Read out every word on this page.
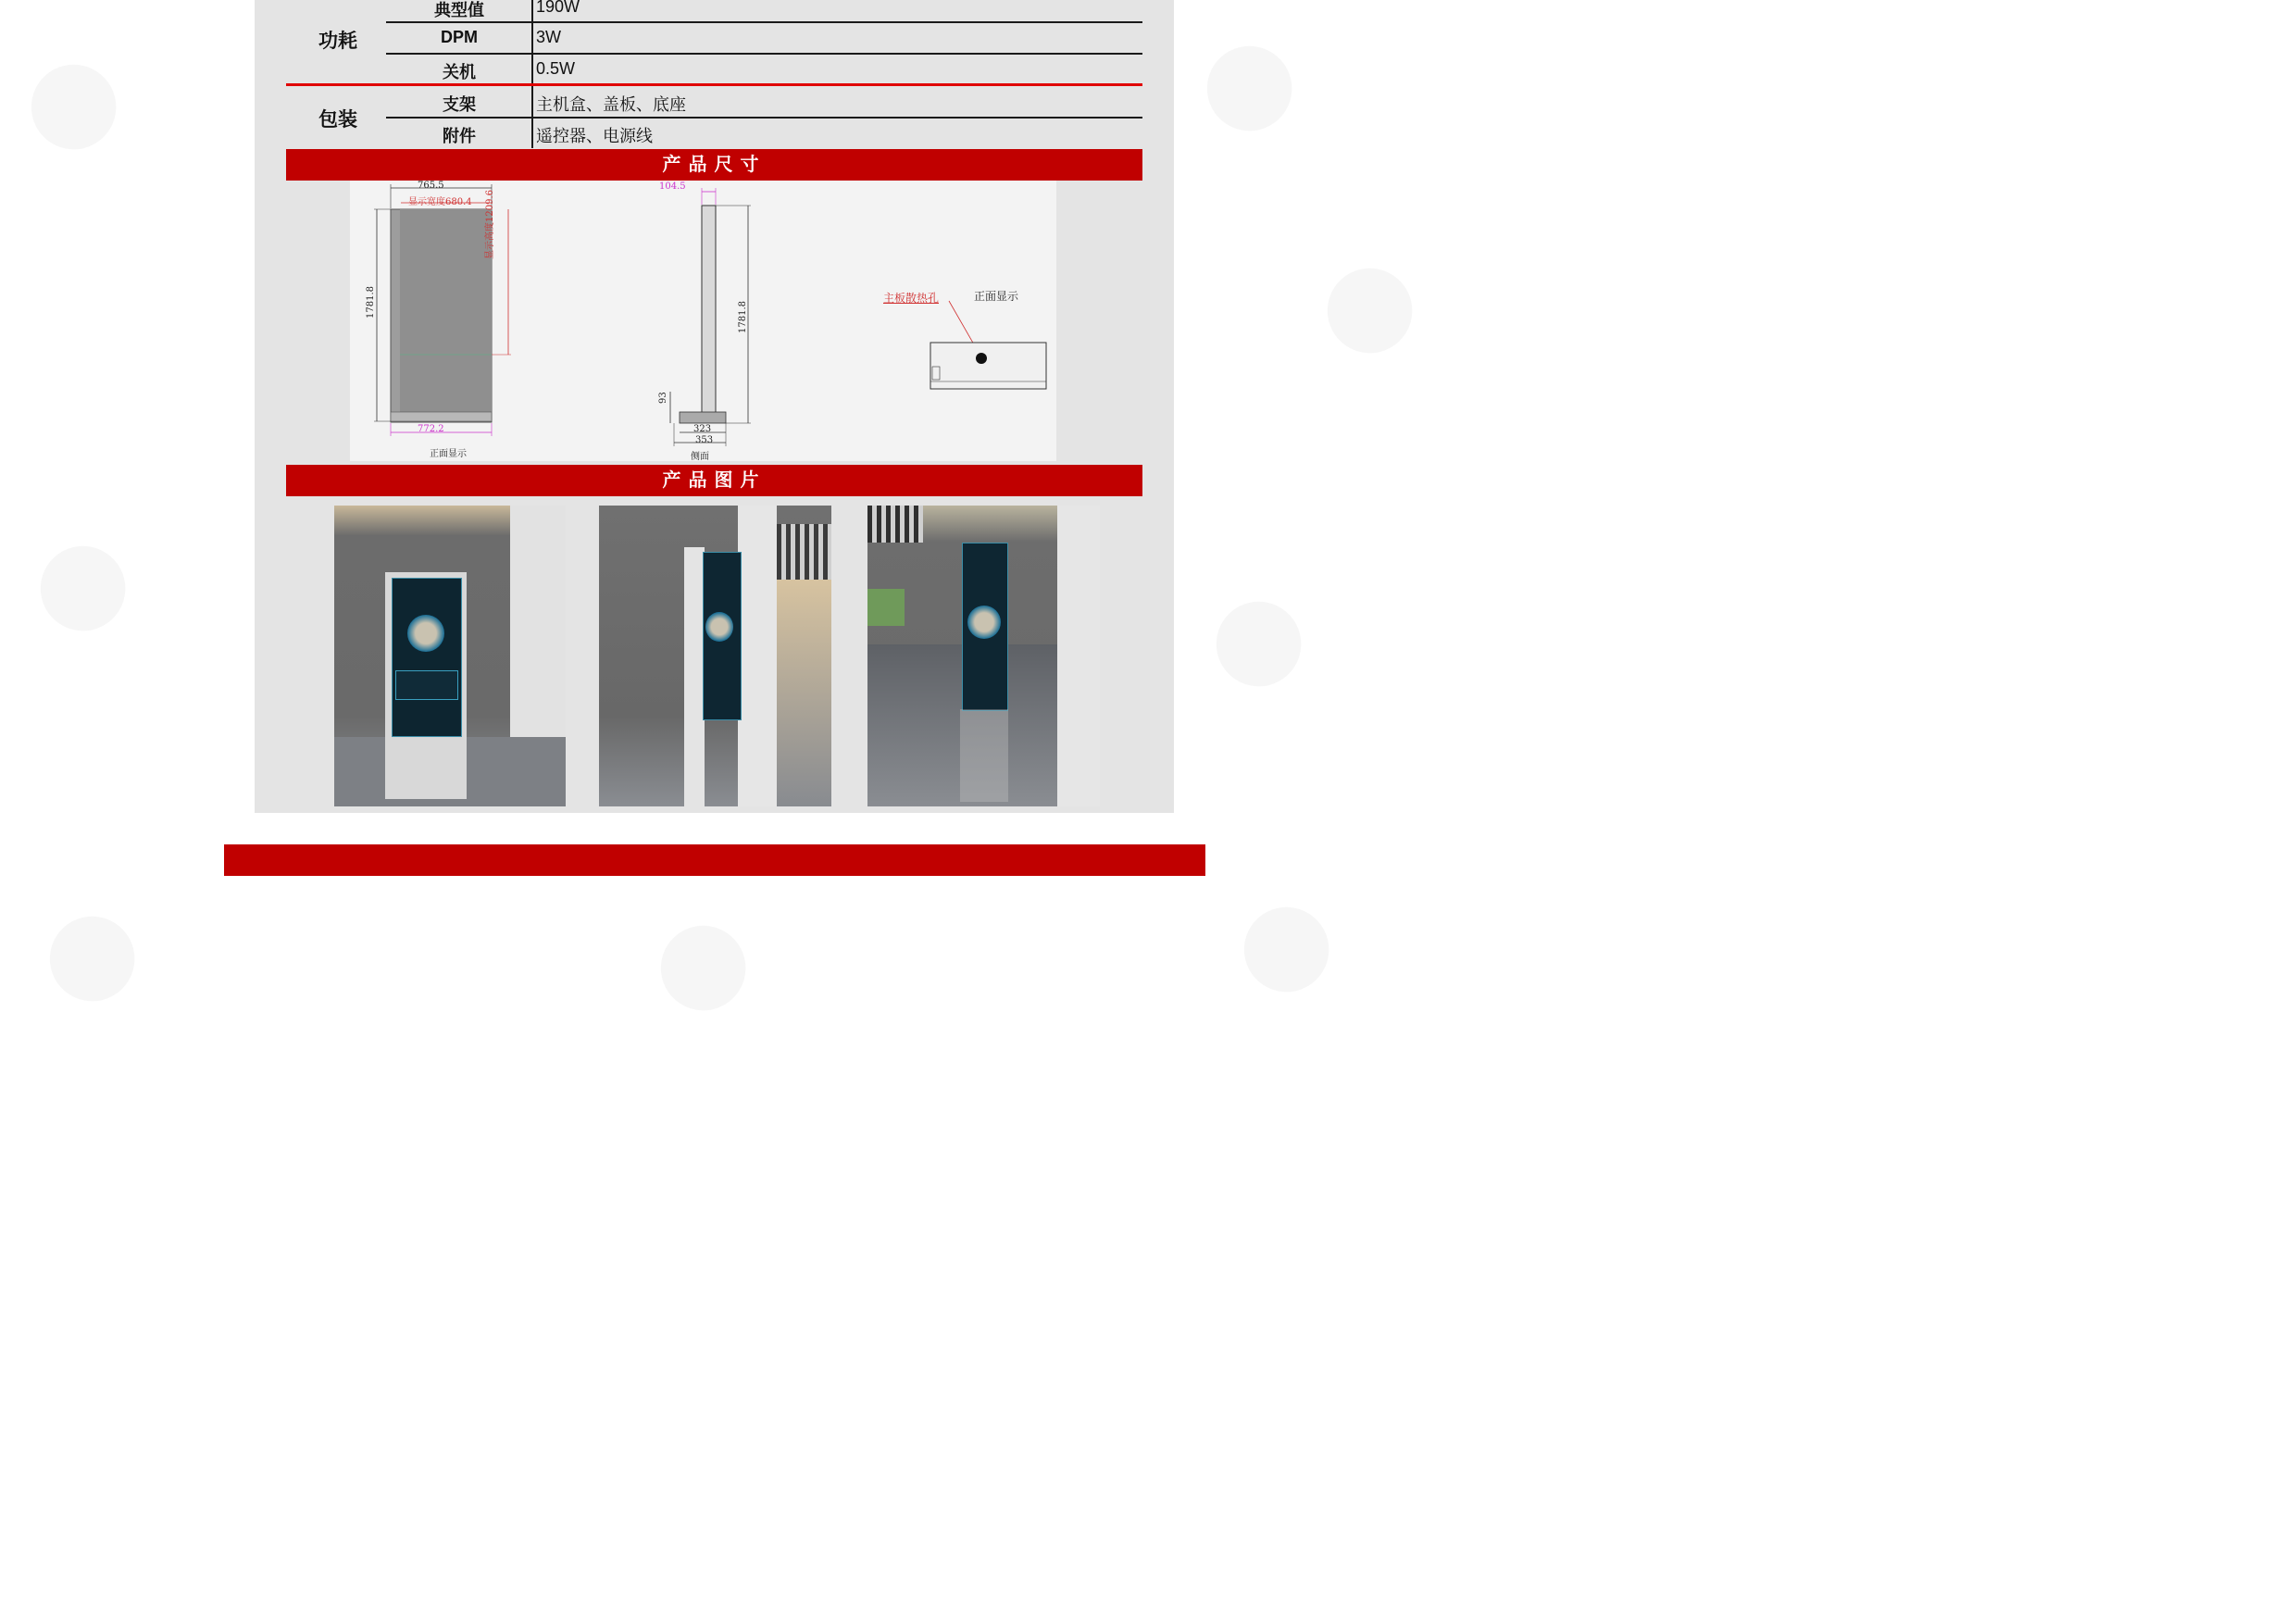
功耗
典型值	190W
DPM	3W
关机	0.5W
包装
支架	主机盒、盖板、底座
附件	遥控器、电源线
产品尺寸
765.5
显示宽度680.4	显示高度1209.6
1781.8
772.2
正面显示
104.5
1781.8
93
323
353
侧面
主板散热孔	正面显示
产品图片
